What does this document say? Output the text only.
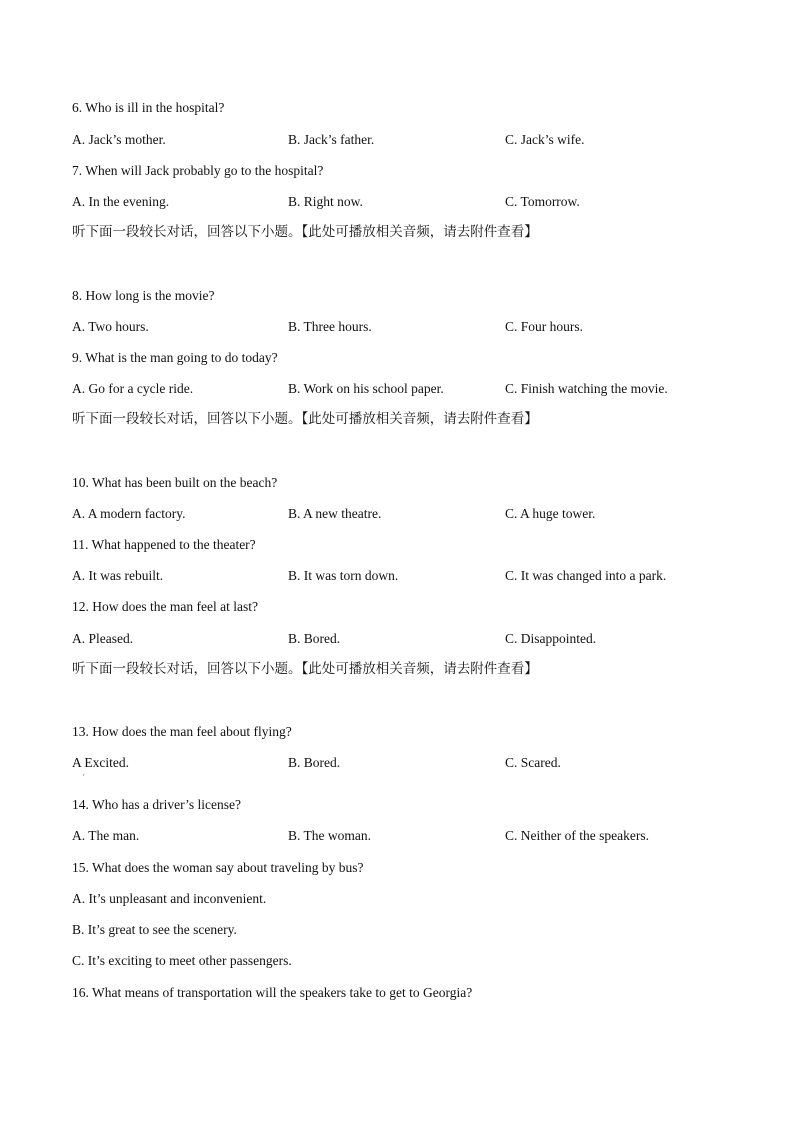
6. Who is ill in the hospital?
A. Jack’s mother.	B. Jack’s father.	C. Jack’s wife.
7. When will Jack probably go to the hospital?
A. In the evening.	B. Right now.	C. Tomorrow.
听下面一段较长对话，回答以下小题。【此处可播放相关音频，请去附件查看】
8. How long is the movie?
A. Two hours.	B. Three hours.	C. Four hours.
9. What is the man going to do today?
A. Go for a cycle ride.	B. Work on his school paper.	C. Finish watching the movie.
听下面一段较长对话，回答以下小题。【此处可播放相关音频，请去附件查看】
10. What has been built on the beach?
A. A modern factory.	B. A new theatre.	C. A huge tower.
11. What happened to the theater?
A. It was rebuilt.	B. It was torn down.	C. It was changed into a park.
12. How does the man feel at last?
A. Pleased.	B. Bored.	C. Disappointed.
听下面一段较长对话，回答以下小题。【此处可播放相关音频，请去附件查看】
13. How does the man feel about flying?
A Excited.	B. Bored.	C. Scared.
·
14. Who has a driver’s license?
A. The man.	B. The woman.	C. Neither of the speakers.
15. What does the woman say about traveling by bus?
A. It’s unpleasant and inconvenient.
B. It’s great to see the scenery.
C. It’s exciting to meet other passengers.
16. What means of transportation will the speakers take to get to Georgia?
